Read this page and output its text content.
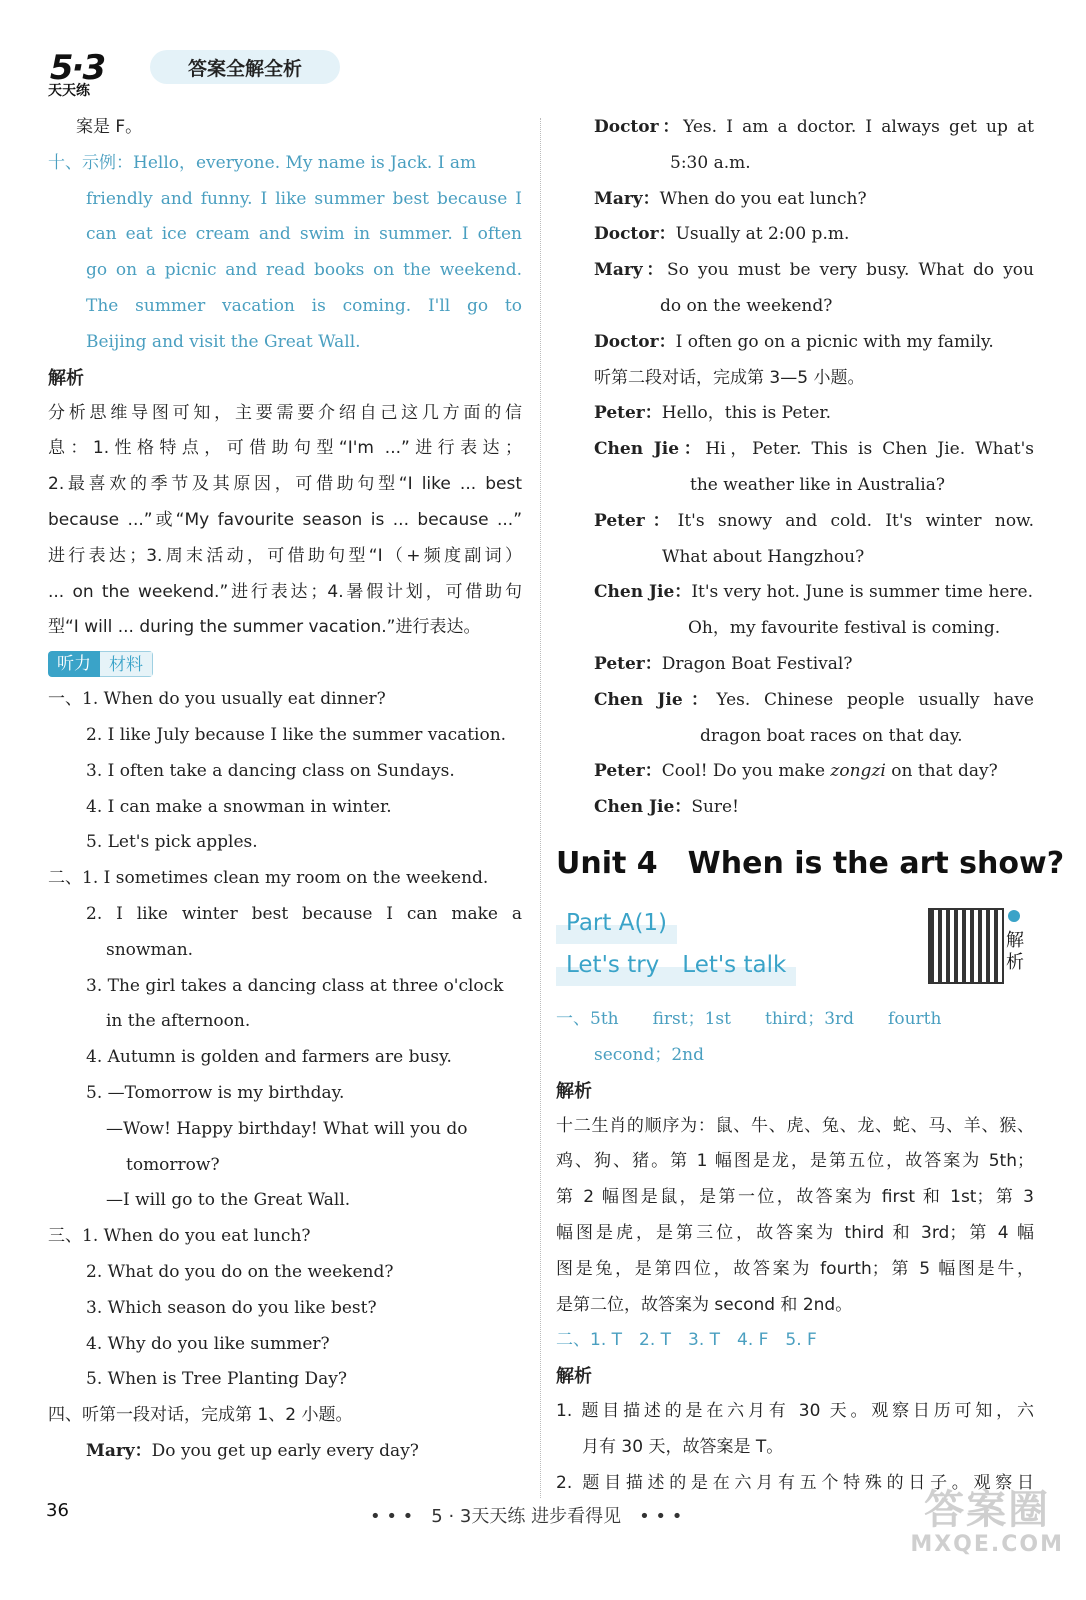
5·3
天天练
答案全解全析
案是 F。
十、示例：Hello，everyone. My name is Jack. I am
friendly and funny. I like summer best because I
can eat ice cream and swim in summer. I often
go on a picnic and read books on the weekend.
The summer vacation is coming. I'll go to
Beijing and visit the Great Wall.
解析
分析思维导图可知，主要需要介绍自己这几方面的信
息：1.性格特点，可借助句型“I'm ...”进行表达；
2.最喜欢的季节及其原因，可借助句型“I like ... best
because ...”或“My favourite season is ... because ...”
进行表达；3.周末活动，可借助句型“I（+频度副词）
... on the weekend.”进行表达；4.暑假计划，可借助句
型“I will ... during the summer vacation.”进行表达。
听力	材料
一、1. When do you usually eat dinner?
2. I like July because I like the summer vacation.
3. I often take a dancing class on Sundays.
4. I can make a snowman in winter.
5. Let's pick apples.
二、1. I sometimes clean my room on the weekend.
2. I like winter best because I can make a
snowman.
3. The girl takes a dancing class at three o'clock
in the afternoon.
4. Autumn is golden and farmers are busy.
5. —Tomorrow is my birthday.
—Wow! Happy birthday! What will you do
tomorrow?
—I will go to the Great Wall.
三、1. When do you eat lunch?
2. What do you do on the weekend?
3. Which season do you like best?
4. Why do you like summer?
5. When is Tree Planting Day?
四、听第一段对话，完成第 1、2 小题。
Mary：Do you get up early every day?
Doctor：Yes. I am a doctor. I always get up at
5:30 a.m.
Mary：When do you eat lunch?
Doctor：Usually at 2:00 p.m.
Mary：So you must be very busy. What do you
do on the weekend?
Doctor：I often go on a picnic with my family.
听第二段对话，完成第 3—5 小题。
Peter：Hello，this is Peter.
Chen Jie：Hi，Peter. This is Chen Jie. What's
the weather like in Australia?
Peter：It's snowy and cold. It's winter now.
What about Hangzhou?
Chen Jie：It's very hot. June is summer time here.
Oh，my favourite festival is coming.
Peter：Dragon Boat Festival?
Chen Jie：Yes. Chinese people usually have
dragon boat races on that day.
Peter：Cool! Do you make zongzi on that day?
Chen Jie：Sure!
Unit 4　When is the art show?
Part A(1)
Let's try　Let's talk
解析
一、5th　　first；1st　　third；3rd　　fourth
second；2nd
解析
十二生肖的顺序为：鼠、牛、虎、兔、龙、蛇、马、羊、猴、
鸡、狗、猪。第 1 幅图是龙，是第五位，故答案为 5th；
第 2 幅图是鼠，是第一位，故答案为 first 和 1st；第 3
幅图是虎，是第三位，故答案为 third 和 3rd；第 4 幅
图是兔，是第四位，故答案为 fourth；第 5 幅图是牛，
是第二位，故答案为 second 和 2nd。
二、1. T　2. T　3. T　4. F　5. F
解析
1. 题目描述的是在六月有 30 天。观察日历可知，六
月有 30 天，故答案是 T。
2. 题目描述的是在六月有五个特殊的日子。观察日
36	• • •　5 · 3天天练 进步看得见　• • •	答案圈
MXQE.COM
